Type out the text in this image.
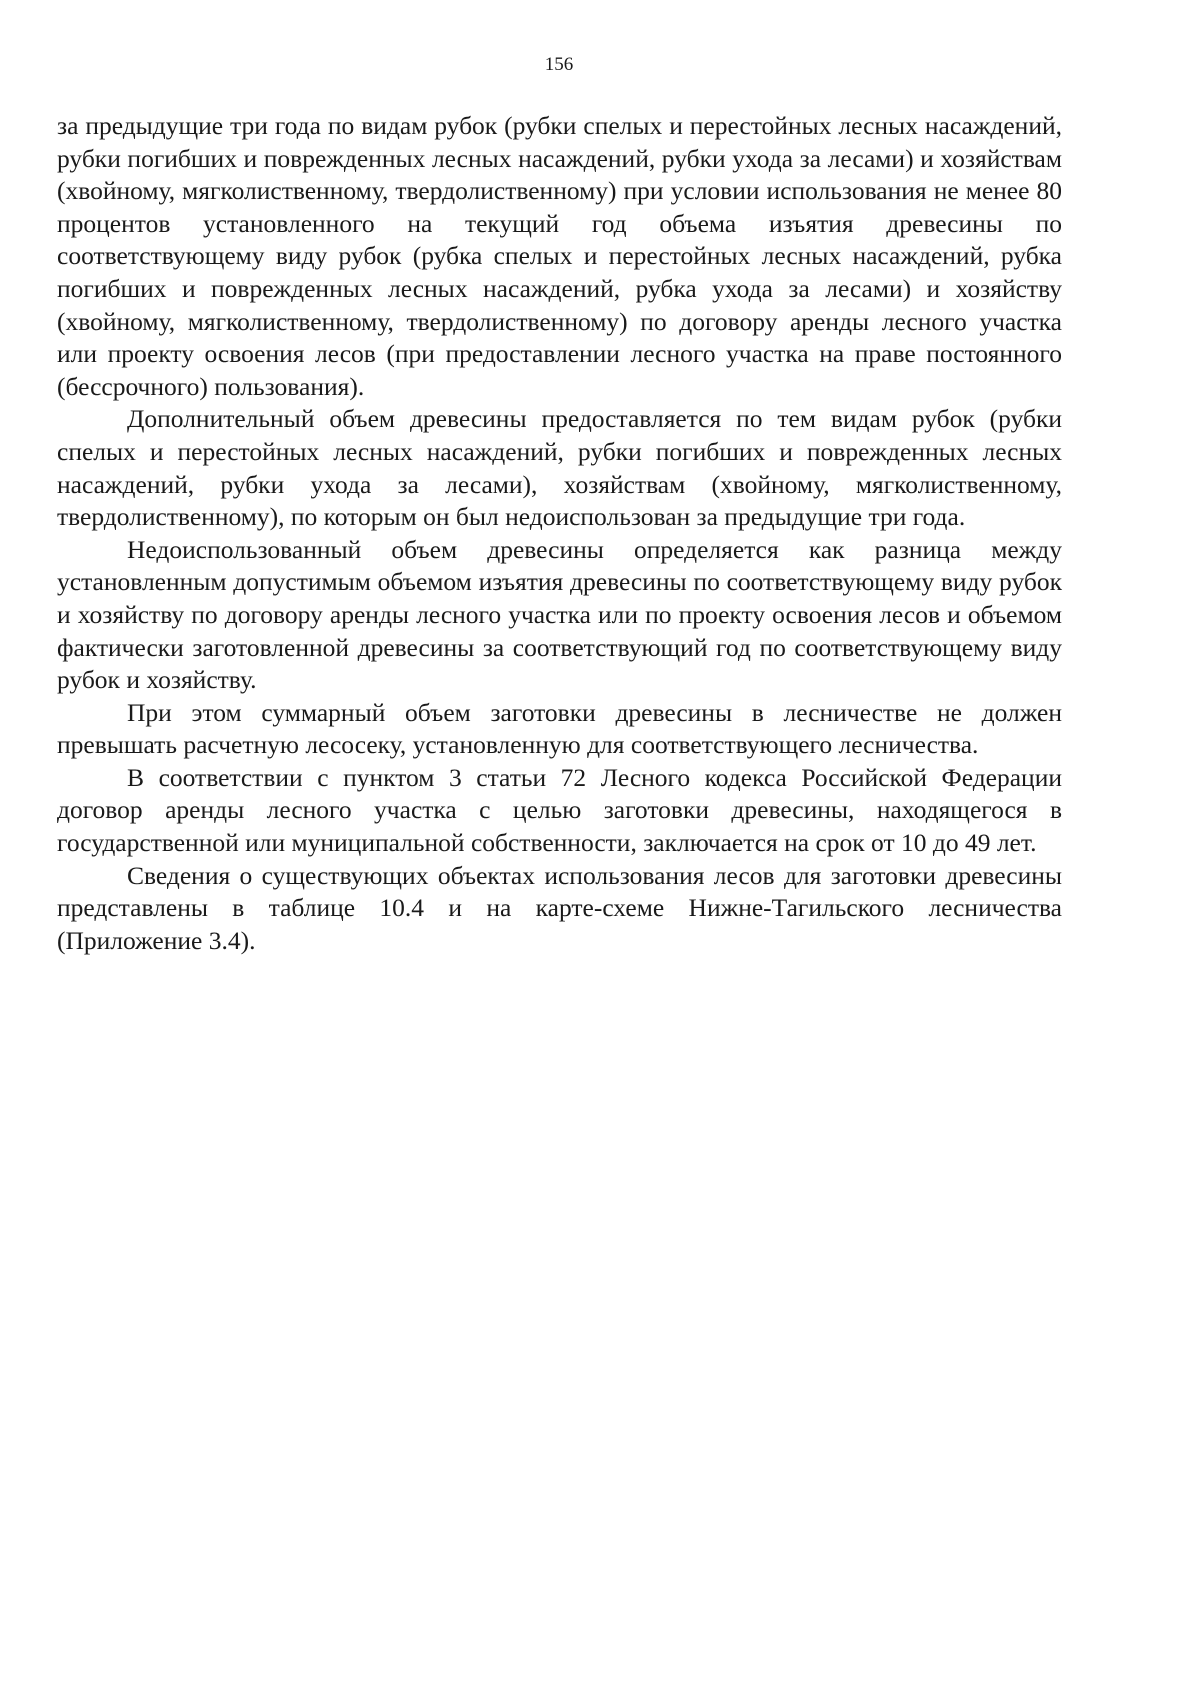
156

за предыдущие три года по видам рубок (рубки спелых и перестойных лесных насаждений, рубки погибших и поврежденных лесных насаждений, рубки ухода за лесами) и хозяйствам (хвойному, мягколиственному, твердолиственному) при условии использования не менее 80 процентов установленного на текущий год объема изъятия древесины по соответствующему виду рубок (рубка спелых и перестойных лесных насаждений, рубка погибших и поврежденных лесных насаждений, рубка ухода за лесами) и хозяйству (хвойному, мягколиственному, твердолиственному) по договору аренды лесного участка или проекту освоения лесов (при предоставлении лесного участка на праве постоянного (бессрочного) пользования).

Дополнительный объем древесины предоставляется по тем видам рубок (рубки спелых и перестойных лесных насаждений, рубки погибших и поврежденных лесных насаждений, рубки ухода за лесами), хозяйствам (хвойному, мягколиственному, твердолиственному), по которым он был недоиспользован за предыдущие три года.

Недоиспользованный объем древесины определяется как разница между установленным допустимым объемом изъятия древесины по соответствующему виду рубок и хозяйству по договору аренды лесного участка или по проекту освоения лесов и объемом фактически заготовленной древесины за соответствующий год по соответствующему виду рубок и хозяйству.

При этом суммарный объем заготовки древесины в лесничестве не должен превышать расчетную лесосеку, установленную для соответствующего лесничества.

В соответствии с пунктом 3 статьи 72 Лесного кодекса Российской Федерации договор аренды лесного участка с целью заготовки древесины, находящегося в государственной или муниципальной собственности, заключается на срок от 10 до 49 лет.

Сведения о существующих объектах использования лесов для заготовки древесины представлены в таблице 10.4 и на карте-схеме Нижне-Тагильского лесничества (Приложение 3.4).
